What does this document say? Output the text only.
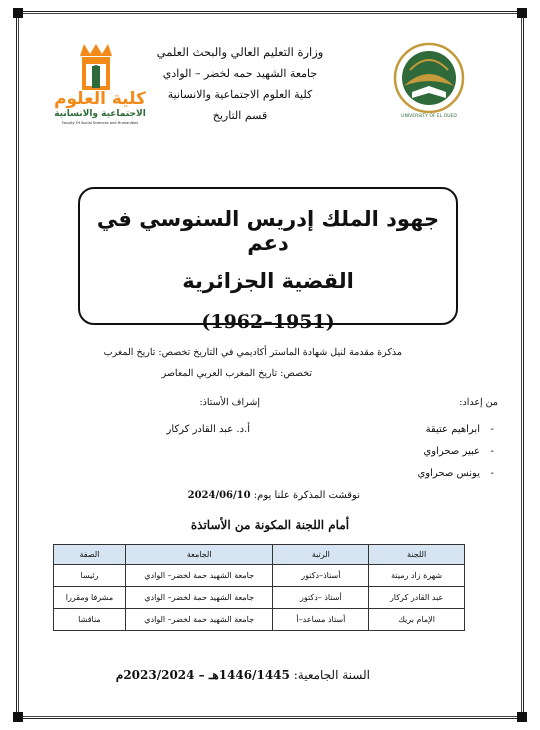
كلية العلوم
الاجتماعية والانسانية
Faculty Of Social Sciences and Humanities
UNIVERSITY OF EL OUED
وزارة التعليم العالي والبحث العلمي
جامعة الشهيد حمه لخضر – الوادي
كلية العلوم الاجتماعية والانسانية
قسم التاريخ
جهود الملك إدريس السنوسي في دعم
القضية الجزائرية
(1951–1962)
مذكرة مقدمة لنيل شهادة الماستر أكاديمي في التاريخ تخصص: تاريخ المغرب
تخصص: تاريخ المغرب العربي المعاصر
من إعداد:
إشراف الأستاذ:
أ.د. عبد القادر كركار	-
-
-
ابراهيم عتيقة
عبير صحراوي
يونس صحراوي
نوقشت المذكرة علنا يوم: 2024/06/10
أمام اللجنة المكونة من الأساتذة
اللجنة	الرتبة	الجامعة	الصفة
شهرة زاد رميتة	أستاذ–دكتور	جامعة الشهيد حمة لخضر– الوادي	رئيسا
عبد القادر كركار	أستاذ –دكتور	جامعة الشهيد حمة لخضر– الوادي	مشرفا ومقررا
الإمام بريك	أستاذ مساعد–أ	جامعة الشهيد حمة لخضر– الوادي	مناقشا
السنة الجامعية: 1446/1445هـ – 2023/2024م
